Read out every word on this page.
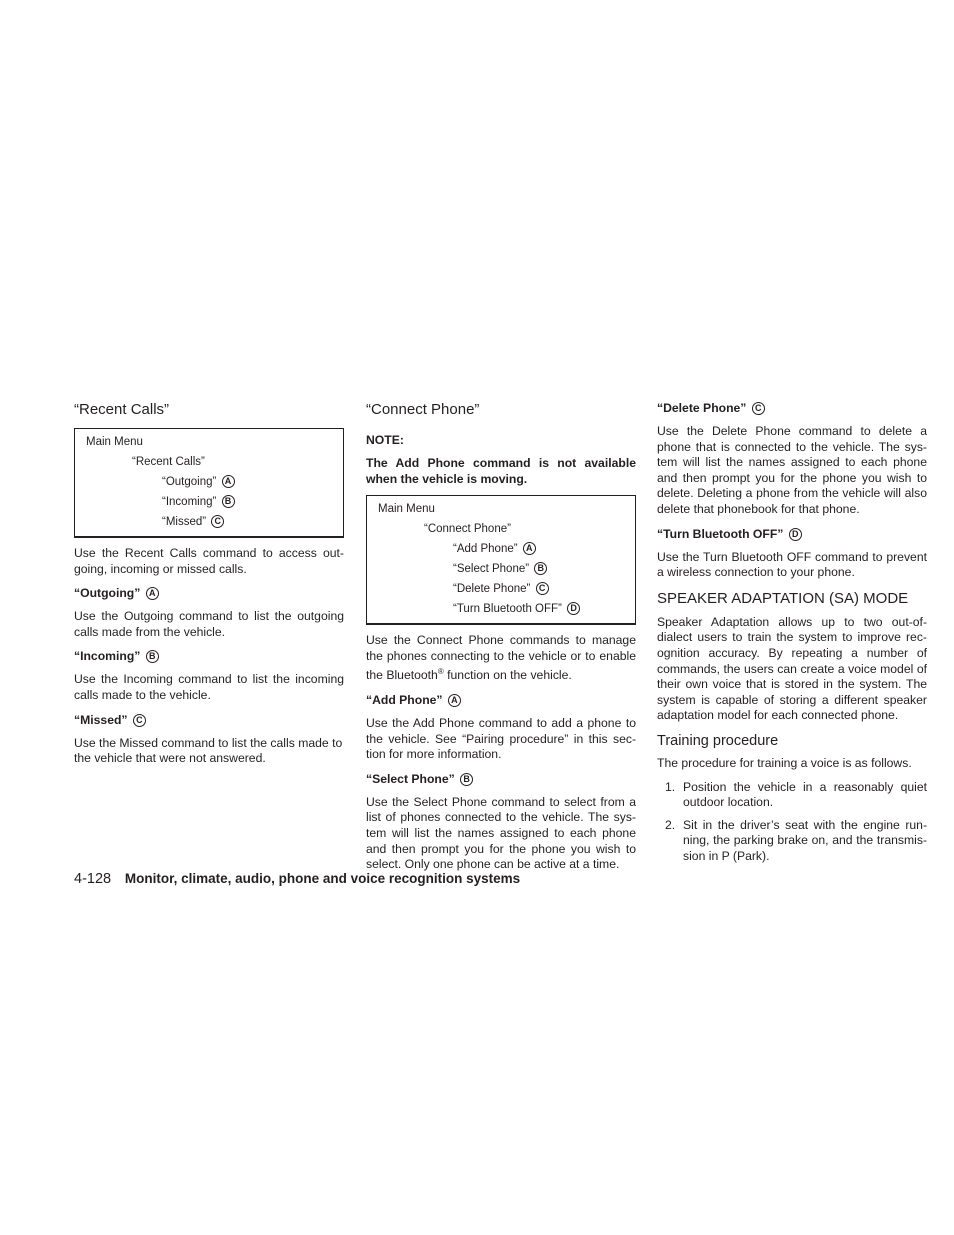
“Recent Calls”
Main Menu
“Recent Calls”
“Outgoing” A
“Incoming” B
“Missed” C

Use the Recent Calls command to access out-going, incoming or missed calls.

“Outgoing” A

Use the Outgoing command to list the outgoing calls made from the vehicle.

“Incoming” B

Use the Incoming command to list the incoming calls made to the vehicle.

“Missed” C

Use the Missed command to list the calls made to the vehicle that were not answered.

“Connect Phone”
NOTE:

The Add Phone command is not available when the vehicle is moving.

Main Menu
“Connect Phone”
“Add Phone” A
“Select Phone” B
“Delete Phone” C
“Turn Bluetooth OFF” D

Use the Connect Phone commands to manage the phones connecting to the vehicle or to enable the Bluetooth® function on the vehicle.

“Add Phone” A

Use the Add Phone command to add a phone to the vehicle. See “Pairing procedure” in this sec-tion for more information.

“Select Phone” B

Use the Select Phone command to select from a list of phones connected to the vehicle. The sys-tem will list the names assigned to each phone and then prompt you for the phone you wish to select. Only one phone can be active at a time.

“Delete Phone” C

Use the Delete Phone command to delete a phone that is connected to the vehicle. The sys-tem will list the names assigned to each phone and then prompt you for the phone you wish to delete. Deleting a phone from the vehicle will also delete that phonebook for that phone.

“Turn Bluetooth OFF” D

Use the Turn Bluetooth OFF command to prevent a wireless connection to your phone.

SPEAKER ADAPTATION (SA) MODE

Speaker Adaptation allows up to two out-of-dialect users to train the system to improve rec-ognition accuracy. By repeating a number of commands, the users can create a voice model of their own voice that is stored in the system. The system is capable of storing a different speaker adaptation model for each connected phone.

Training procedure

The procedure for training a voice is as follows.

1. Position the vehicle in a reasonably quiet outdoor location.
2. Sit in the driver’s seat with the engine run-ning, the parking brake on, and the transmis-sion in P (Park).
4-128 Monitor, climate, audio, phone and voice recognition systems
